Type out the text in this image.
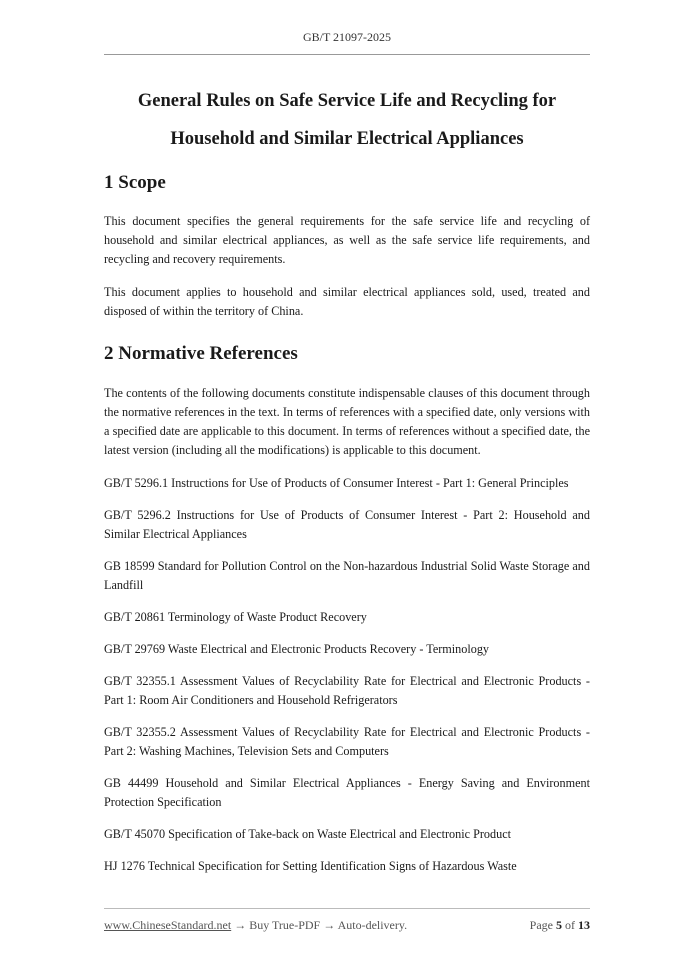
GB/T 21097-2025
General Rules on Safe Service Life and Recycling for
Household and Similar Electrical Appliances
1 Scope

This document specifies the general requirements for the safe service life and recycling of household and similar electrical appliances, as well as the safe service life requirements, and recycling and recovery requirements.

This document applies to household and similar electrical appliances sold, used, treated and disposed of within the territory of China.

2 Normative References

The contents of the following documents constitute indispensable clauses of this document through the normative references in the text. In terms of references with a specified date, only versions with a specified date are applicable to this document. In terms of references without a specified date, the latest version (including all the modifications) is applicable to this document.

GB/T 5296.1 Instructions for Use of Products of Consumer Interest - Part 1: General Principles

GB/T 5296.2 Instructions for Use of Products of Consumer Interest - Part 2: Household and Similar Electrical Appliances

GB 18599 Standard for Pollution Control on the Non-hazardous Industrial Solid Waste Storage and Landfill

GB/T 20861 Terminology of Waste Product Recovery

GB/T 29769 Waste Electrical and Electronic Products Recovery - Terminology

GB/T 32355.1 Assessment Values of Recyclability Rate for Electrical and Electronic Products - Part 1: Room Air Conditioners and Household Refrigerators

GB/T 32355.2 Assessment Values of Recyclability Rate for Electrical and Electronic Products - Part 2: Washing Machines, Television Sets and Computers

GB 44499 Household and Similar Electrical Appliances - Energy Saving and Environment Protection Specification

GB/T 45070 Specification of Take-back on Waste Electrical and Electronic Product

HJ 1276 Technical Specification for Setting Identification Signs of Hazardous Waste

www.ChineseStandard.net → Buy True-PDF → Auto-delivery.	Page 5 of 13
